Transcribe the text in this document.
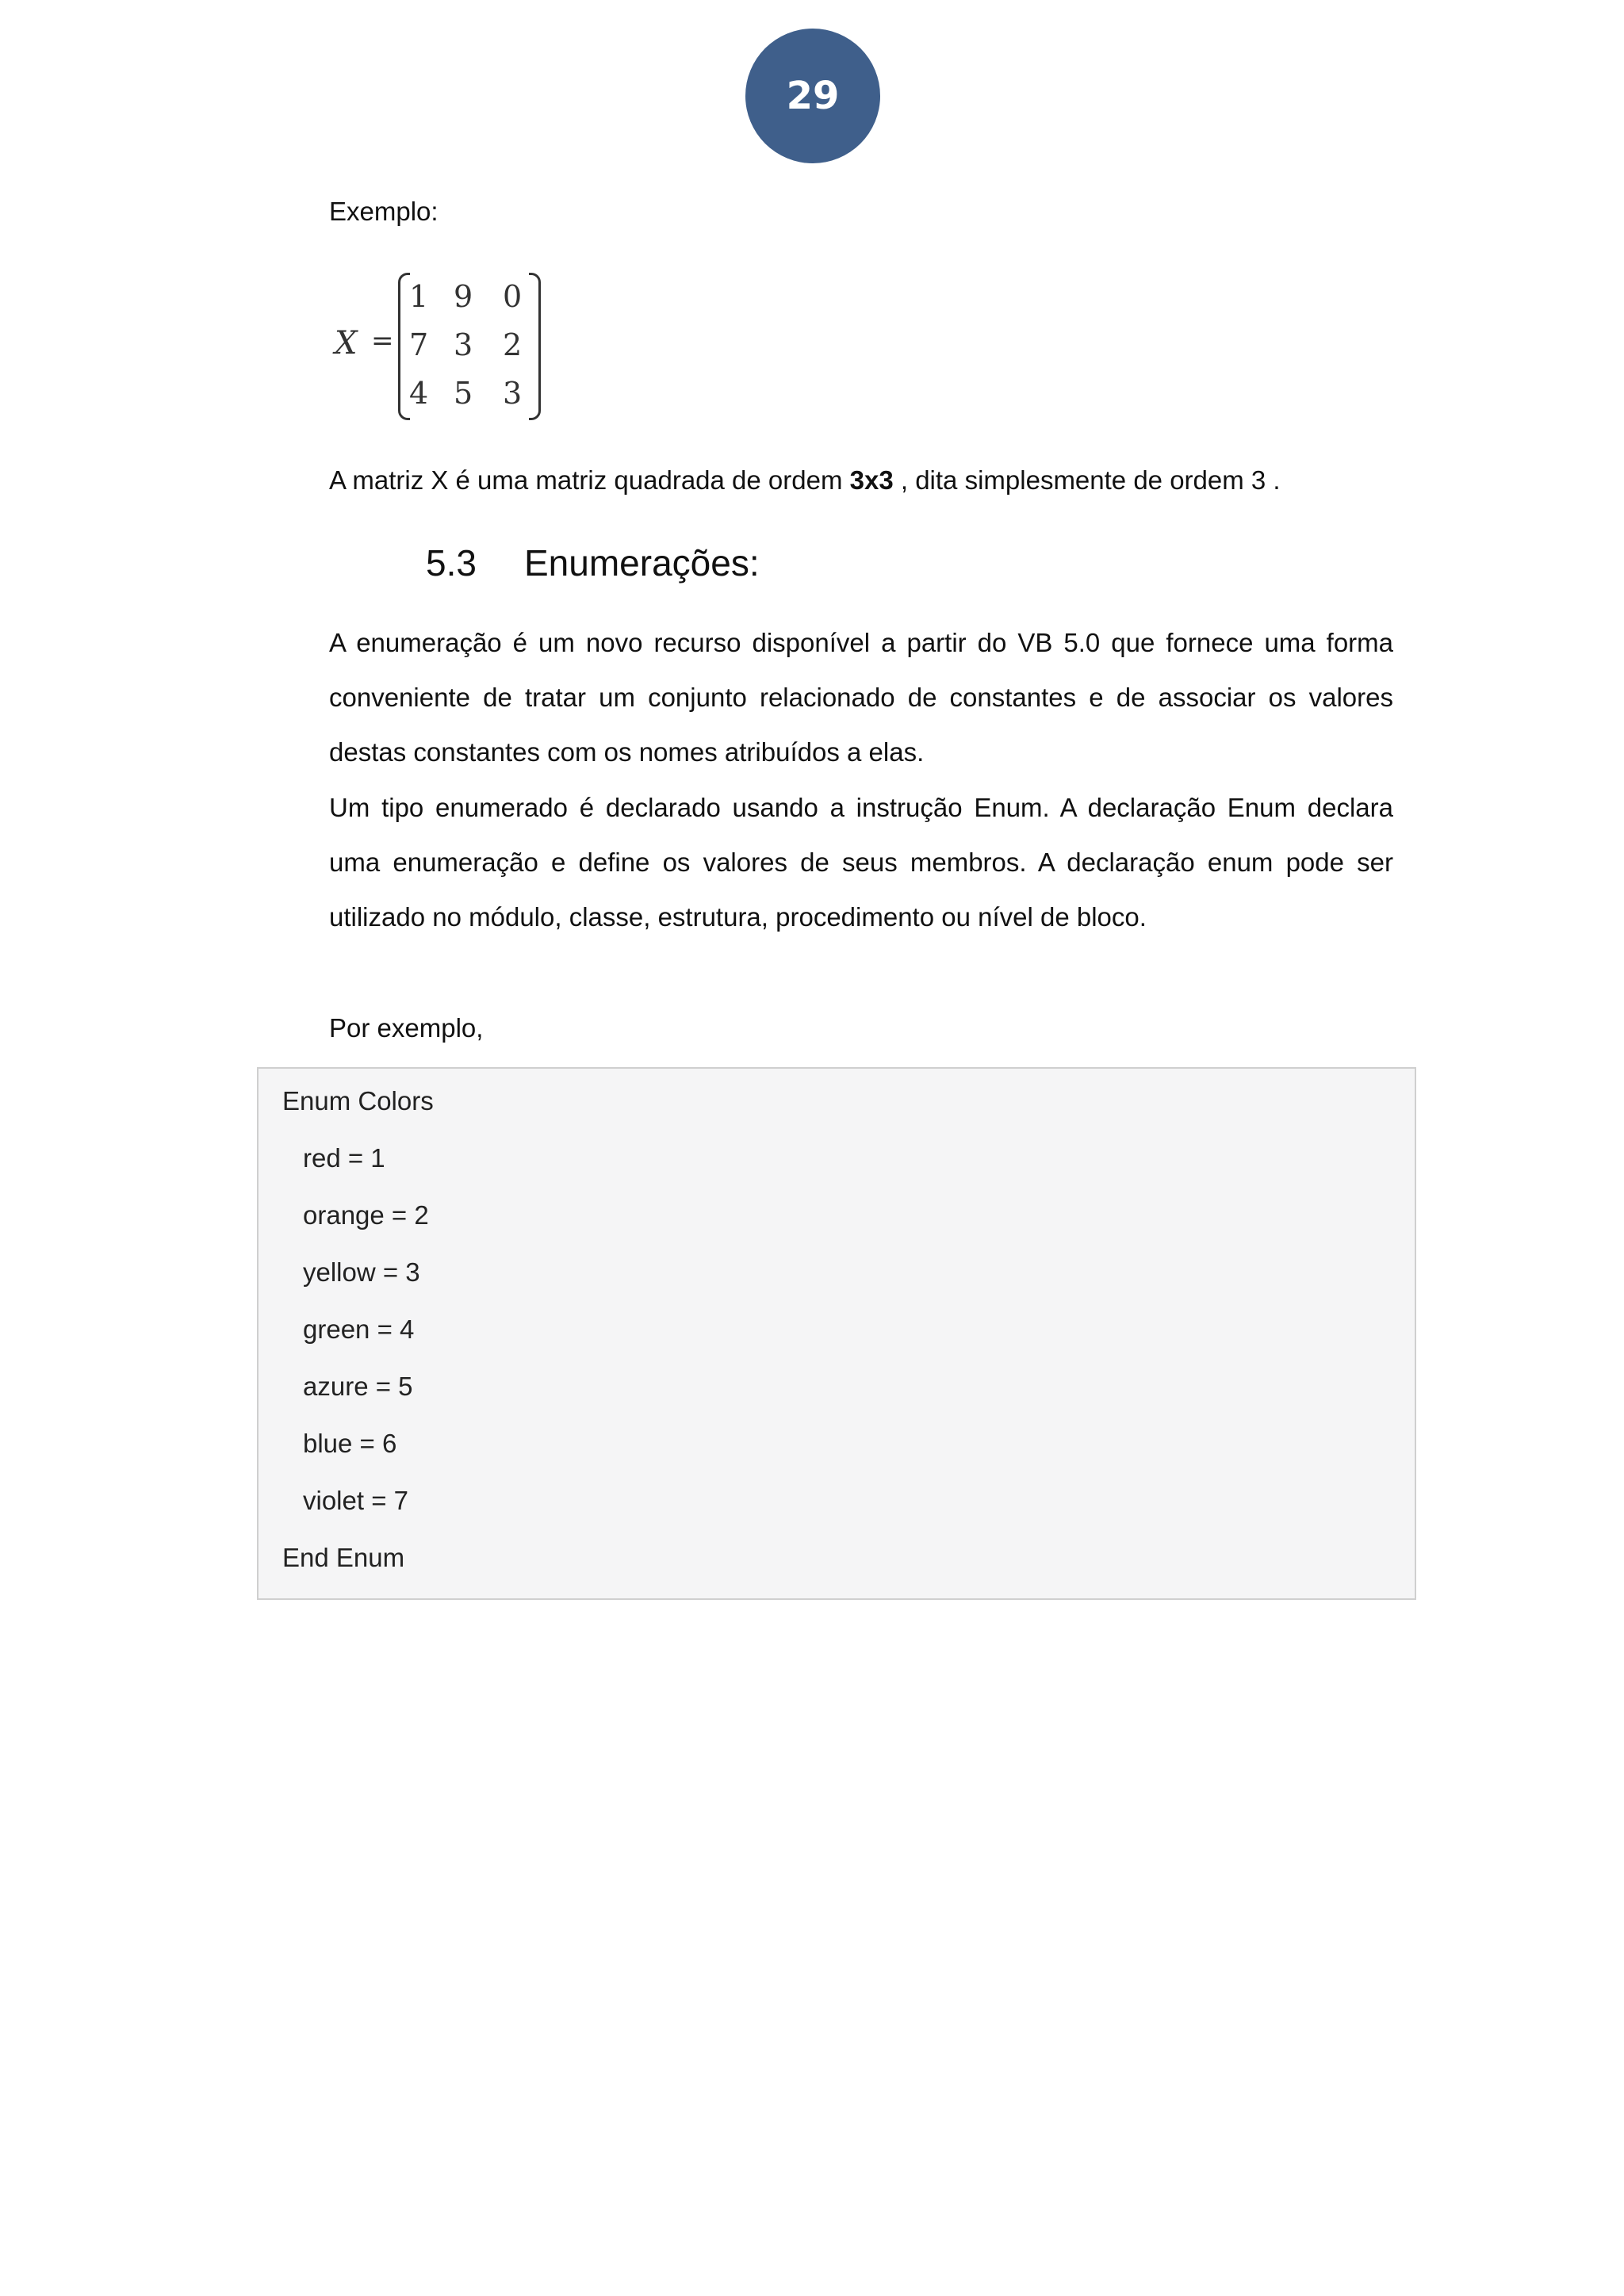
29
Exemplo:
X =
1 9 0
7 3 2
4 5 3
A matriz X é uma matriz quadrada de ordem 3x3 , dita simplesmente de ordem 3 .
5.3 Enumerações:

A enumeração é um novo recurso disponível a partir do VB 5.0 que fornece uma forma conveniente de tratar um conjunto relacionado de constantes e de associar os valores destas constantes com os nomes atribuídos a elas.

Um tipo enumerado é declarado usando a instrução Enum. A declaração Enum declara uma enumeração e define os valores de seus membros. A declaração enum pode ser utilizado no módulo, classe, estrutura, procedimento ou nível de bloco.

Por exemplo,
Enum Colors
red = 1
orange = 2
yellow = 3
green = 4
azure = 5
blue = 6
violet = 7
End Enum
